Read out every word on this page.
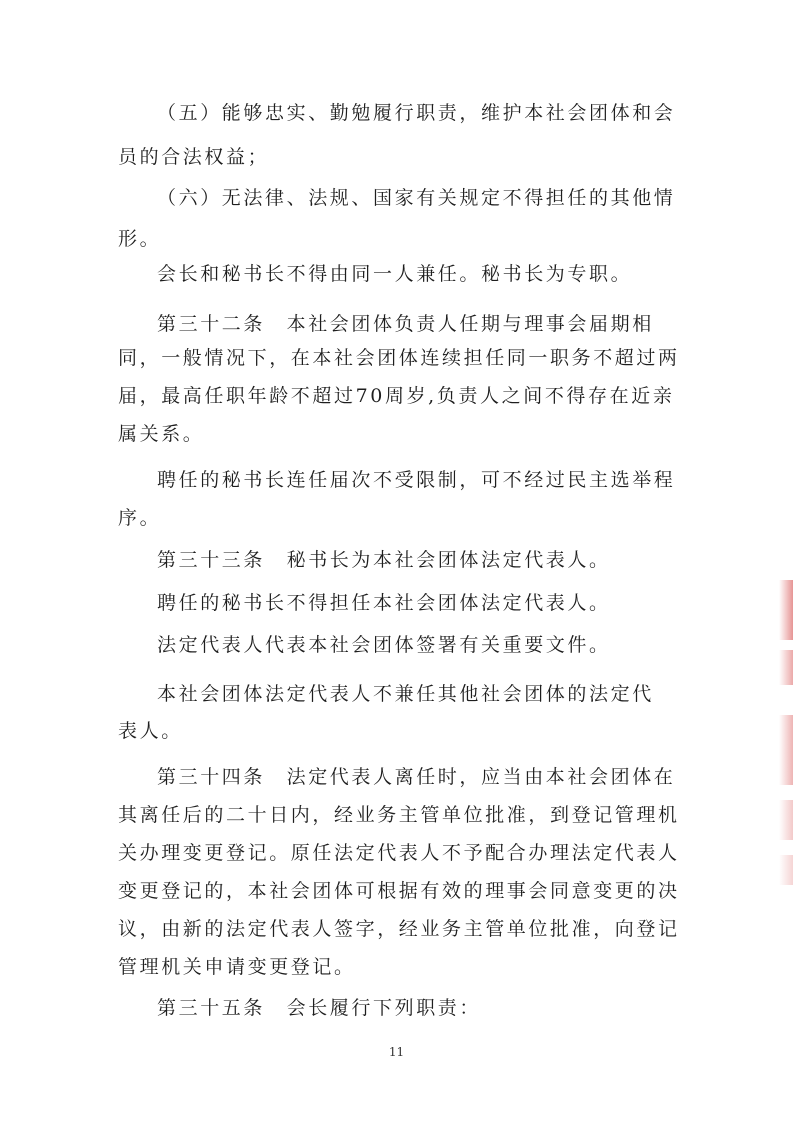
（五）能够忠实、勤勉履行职责，维护本社会团体和会

员的合法权益；

（六）无法律、法规、国家有关规定不得担任的其他情

形。

会长和秘书长不得由同一人兼任。秘书长为专职。

第三十二条　本社会团体负责人任期与理事会届期相

同，一般情况下，在本社会团体连续担任同一职务不超过两

届，最高任职年龄不超过70周岁,负责人之间不得存在近亲

属关系。

聘任的秘书长连任届次不受限制，可不经过民主选举程

序。

第三十三条　秘书长为本社会团体法定代表人。

聘任的秘书长不得担任本社会团体法定代表人。

法定代表人代表本社会团体签署有关重要文件。

本社会团体法定代表人不兼任其他社会团体的法定代

表人。

第三十四条　法定代表人离任时，应当由本社会团体在

其离任后的二十日内，经业务主管单位批准，到登记管理机

关办理变更登记。原任法定代表人不予配合办理法定代表人

变更登记的，本社会团体可根据有效的理事会同意变更的决

议，由新的法定代表人签字，经业务主管单位批准，向登记

管理机关申请变更登记。

第三十五条　会长履行下列职责：

11
